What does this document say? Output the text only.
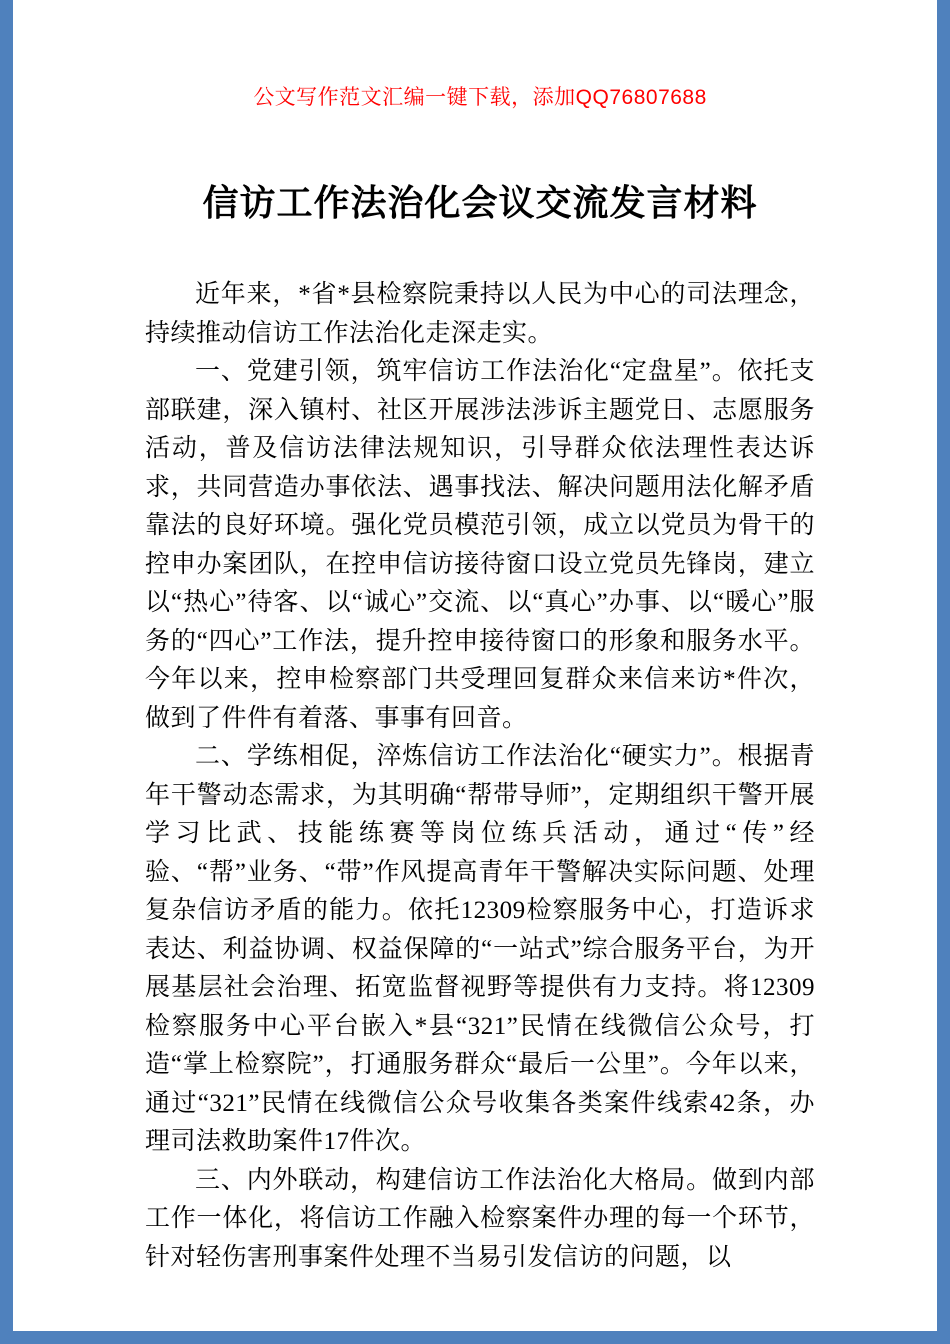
公文写作范文汇编一键下载，添加QQ76807688
信访工作法治化会议交流发言材料

近年来，*省*县检察院秉持以人民为中心的司法理念，持续推动信访工作法治化走深走实。

一、党建引领，筑牢信访工作法治化“定盘星”。依托支部联建，深入镇村、社区开展涉法涉诉主题党日、志愿服务活动，普及信访法律法规知识，引导群众依法理性表达诉求，共同营造办事依法、遇事找法、解决问题用法化解矛盾靠法的良好环境。强化党员模范引领，成立以党员为骨干的控申办案团队，在控申信访接待窗口设立党员先锋岗，建立以“热心”待客、以“诚心”交流、以“真心”办事、以“暖心”服务的“四心”工作法，提升控申接待窗口的形象和服务水平。今年以来，控申检察部门共受理回复群众来信来访*件次，做到了件件有着落、事事有回音。

二、学练相促，淬炼信访工作法治化“硬实力”。根据青年干警动态需求，为其明确“帮带导师”，定期组织干警开展学习比武、技能练赛等岗位练兵活动，通过“传”经验、“帮”业务、“带”作风提高青年干警解决实际问题、处理复杂信访矛盾的能力。依托12309检察服务中心，打造诉求表达、利益协调、权益保障的“一站式”综合服务平台，为开展基层社会治理、拓宽监督视野等提供有力支持。将12309检察服务中心平台嵌入*县“321”民情在线微信公众号，打造“掌上检察院”，打通服务群众“最后一公里”。今年以来，通过“321”民情在线微信公众号收集各类案件线索42条，办理司法救助案件17件次。

三、内外联动，构建信访工作法治化大格局。做到内部工作一体化，将信访工作融入检察案件办理的每一个环节，针对轻伤害刑事案件处理不当易引发信访的问题，以
